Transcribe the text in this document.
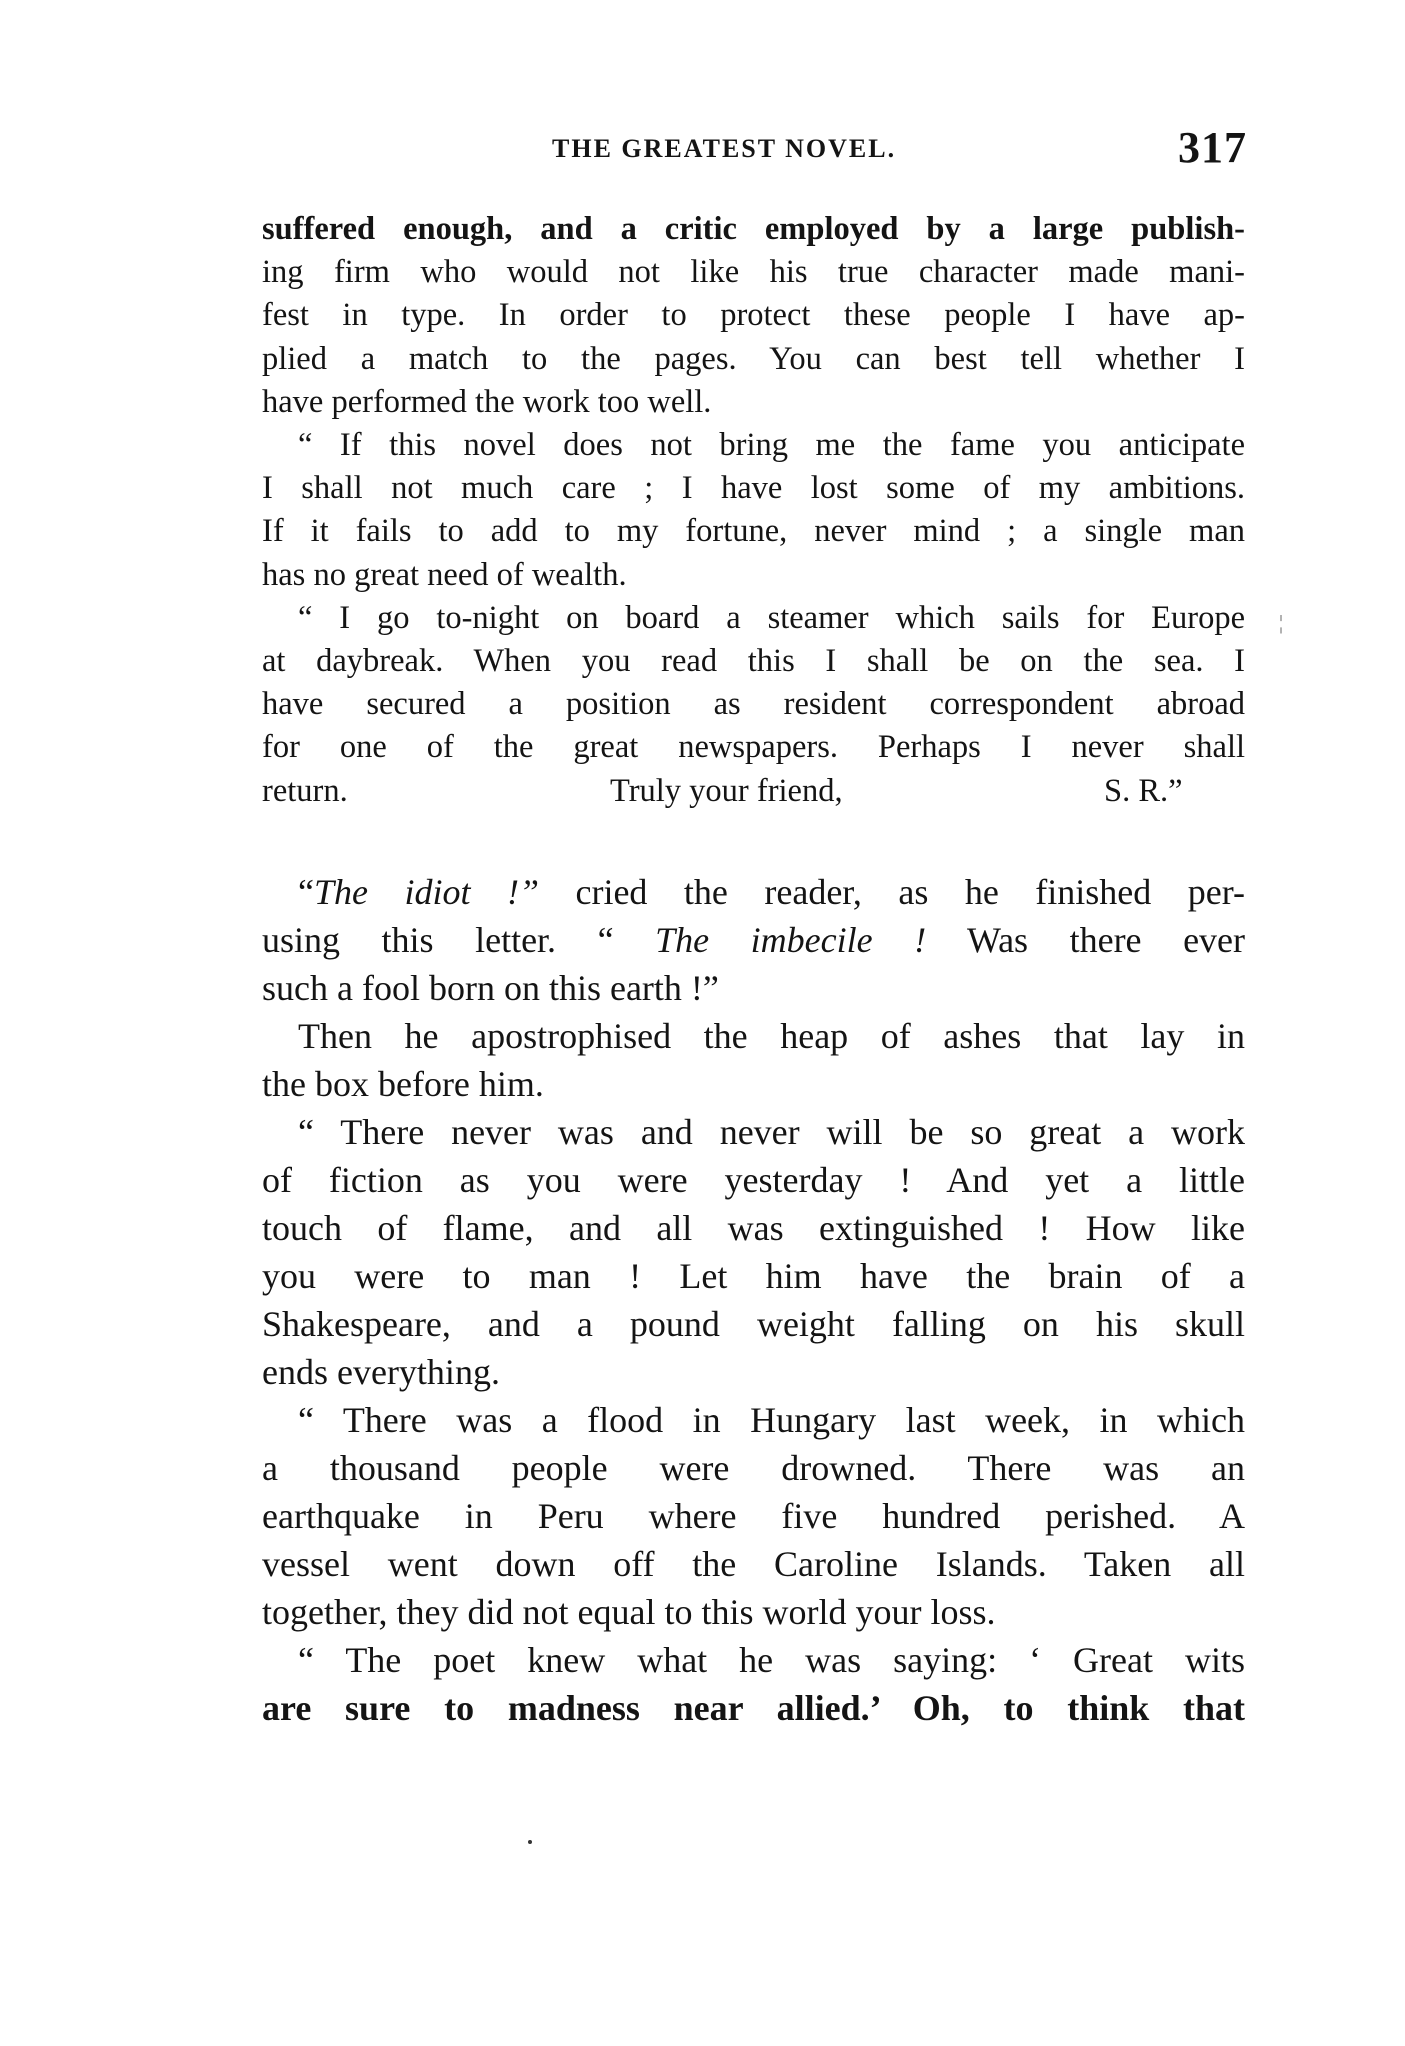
THE GREATEST NOVEL.	317
suffered enough, and a critic employed by a large publish-
ing firm who would not like his true character made mani-
fest in type. In order to protect these people I have ap-
plied a match to the pages. You can best tell whether I
have performed the work too well.
“ If this novel does not bring me the fame you anticipate
I shall not much care ; I have lost some of my ambitions.
If it fails to add to my fortune, never mind ; a single man
has no great need of wealth.
“ I go to-night on board a steamer which sails for Europe
at daybreak. When you read this I shall be on the sea. I
have secured a position as resident correspondent abroad
for one of the great newspapers. Perhaps I never shall
return.	Truly your friend,	S. R.”
¦
“The idiot !” cried the reader, as he finished per-
using this letter. “ The imbecile ! Was there ever
such a fool born on this earth !”
Then he apostrophised the heap of ashes that lay in
the box before him.
“ There never was and never will be so great a work
of fiction as you were yesterday ! And yet a little
touch of flame, and all was extinguished ! How like
you were to man ! Let him have the brain of a
Shakespeare, and a pound weight falling on his skull
ends everything.
“ There was a flood in Hungary last week, in which
a thousand people were drowned. There was an
earthquake in Peru where five hundred perished. A
vessel went down off the Caroline Islands. Taken all
together, they did not equal to this world your loss.
“ The poet knew what he was saying: ‘ Great wits
are sure to madness near allied.’ Oh, to think that
